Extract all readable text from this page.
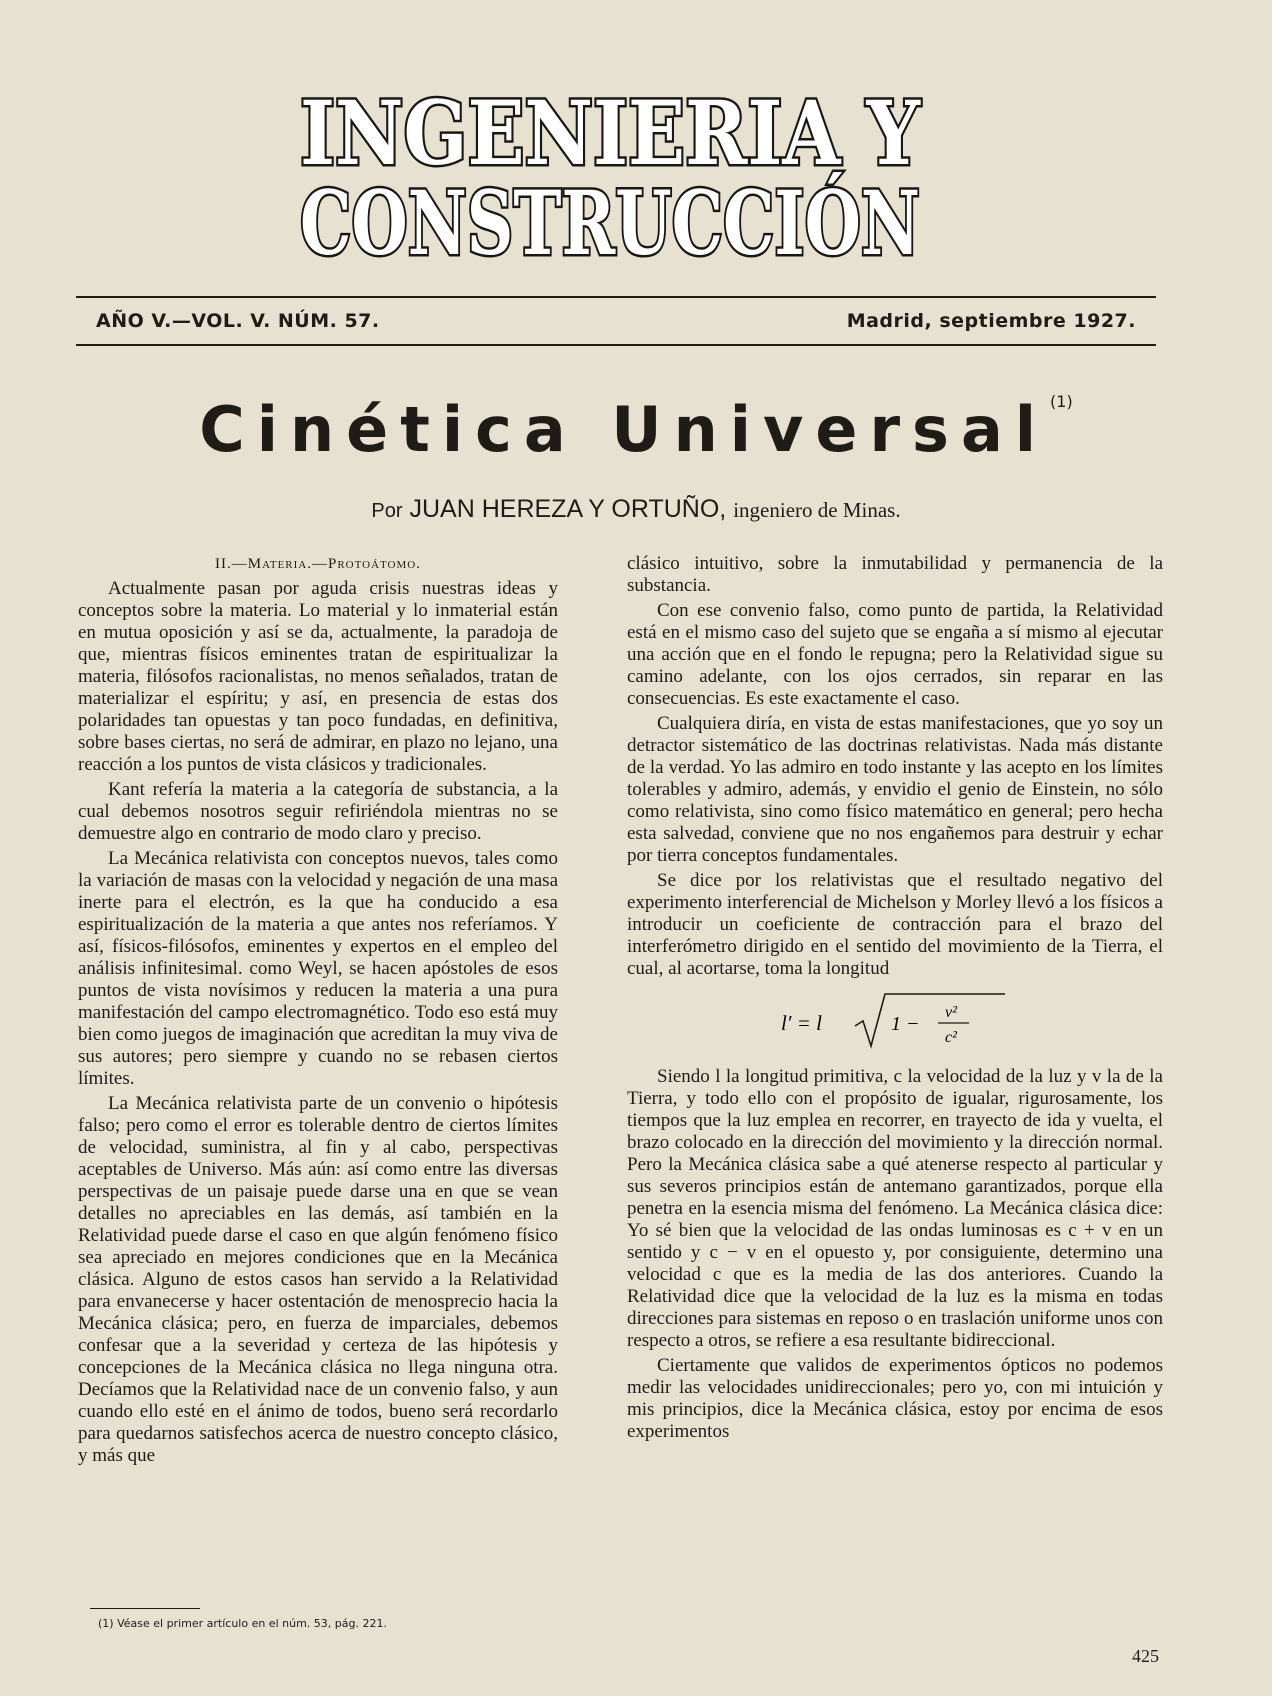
INGENIERIA Y
CONSTRUCCIÓN
AÑO V.—VOL. V. NÚM. 57.	Madrid, septiembre 1927.
Cinética Universal $^{(1)}$
Por JUAN HEREZA Y ORTUÑO, ingeniero de Minas.

II.—Materia.—Protoátomo.

Actualmente pasan por aguda crisis nuestras ideas y conceptos sobre la materia. Lo material y lo inmaterial están en mutua oposición y así se da, actualmente, la paradoja de que, mientras físicos eminentes tratan de espiritualizar la materia, filósofos racionalistas, no menos señalados, tratan de materializar el espíritu; y así, en presencia de estas dos polaridades tan opuestas y tan poco fundadas, en definitiva, sobre bases ciertas, no será de admirar, en plazo no lejano, una reacción a los puntos de vista clásicos y tradicionales.

Kant refería la materia a la categoría de substancia, a la cual debemos nosotros seguir refiriéndola mientras no se demuestre algo en contrario de modo claro y preciso.

La Mecánica relativista con conceptos nuevos, tales como la variación de masas con la velocidad y negación de una masa inerte para el electrón, es la que ha conducido a esa espiritualización de la materia a que antes nos referíamos. Y así, físicos-filósofos, eminentes y expertos en el empleo del análisis infinitesimal. como Weyl, se hacen apóstoles de esos puntos de vista novísimos y reducen la materia a una pura manifestación del campo electromagnético. Todo eso está muy bien como juegos de imaginación que acreditan la muy viva de sus autores; pero siempre y cuando no se rebasen ciertos límites.

La Mecánica relativista parte de un convenio o hipótesis falso; pero como el error es tolerable dentro de ciertos límites de velocidad, suministra, al fin y al cabo, perspectivas aceptables de Universo. Más aún: así como entre las diversas perspectivas de un paisaje puede darse una en que se vean detalles no apreciables en las demás, así también en la Relatividad puede darse el caso en que algún fenómeno físico sea apreciado en mejores condiciones que en la Mecánica clásica. Alguno de estos casos han servido a la Relatividad para envanecerse y hacer ostentación de menosprecio hacia la Mecánica clásica; pero, en fuerza de imparciales, debemos confesar que a la severidad y certeza de las hipótesis y concepciones de la Mecánica clásica no llega ninguna otra. Decíamos que la Relatividad nace de un convenio falso, y aun cuando ello esté en el ánimo de todos, bueno será recordarlo para quedarnos satisfechos acerca de nuestro concepto clásico, y más que

clásico intuitivo, sobre la inmutabilidad y permanencia de la substancia.

Con ese convenio falso, como punto de partida, la Relatividad está en el mismo caso del sujeto que se engaña a sí mismo al ejecutar una acción que en el fondo le repugna; pero la Relatividad sigue su camino adelante, con los ojos cerrados, sin reparar en las consecuencias. Es este exactamente el caso.

Cualquiera diría, en vista de estas manifestaciones, que yo soy un detractor sistemático de las doctrinas relativistas. Nada más distante de la verdad. Yo las admiro en todo instante y las acepto en los límites tolerables y admiro, además, y envidio el genio de Einstein, no sólo como relativista, sino como físico matemático en general; pero hecha esta salvedad, conviene que no nos engañemos para destruir y echar por tierra conceptos fundamentales.

Se dice por los relativistas que el resultado negativo del experimento interferencial de Michelson y Morley llevó a los físicos a introducir un coeficiente de contracción para el brazo del interferómetro dirigido en el sentido del movimiento de la Tierra, el cual, al acortarse, toma la longitud

l′ = l	1 −
v²
c²

Siendo l la longitud primitiva, c la velocidad de la luz y v la de la Tierra, y todo ello con el propósito de igualar, rigurosamente, los tiempos que la luz emplea en recorrer, en trayecto de ida y vuelta, el brazo colocado en la dirección del movimiento y la dirección normal. Pero la Mecánica clásica sabe a qué atenerse respecto al particular y sus severos principios están de antemano garantizados, porque ella penetra en la esencia misma del fenómeno. La Mecánica clásica dice: Yo sé bien que la velocidad de las ondas luminosas es c + v en un sentido y c − v en el opuesto y, por consiguiente, determino una velocidad c que es la media de las dos anteriores. Cuando la Relatividad dice que la velocidad de la luz es la misma en todas direcciones para sistemas en reposo o en traslación uniforme unos con respecto a otros, se refiere a esa resultante bidireccional.

Ciertamente que validos de experimentos ópticos no podemos medir las velocidades unidireccionales; pero yo, con mi intuición y mis principios, dice la Mecánica clásica, estoy por encima de esos experimentos

(1) Véase el primer artículo en el núm. 53, pág. 221.
425
